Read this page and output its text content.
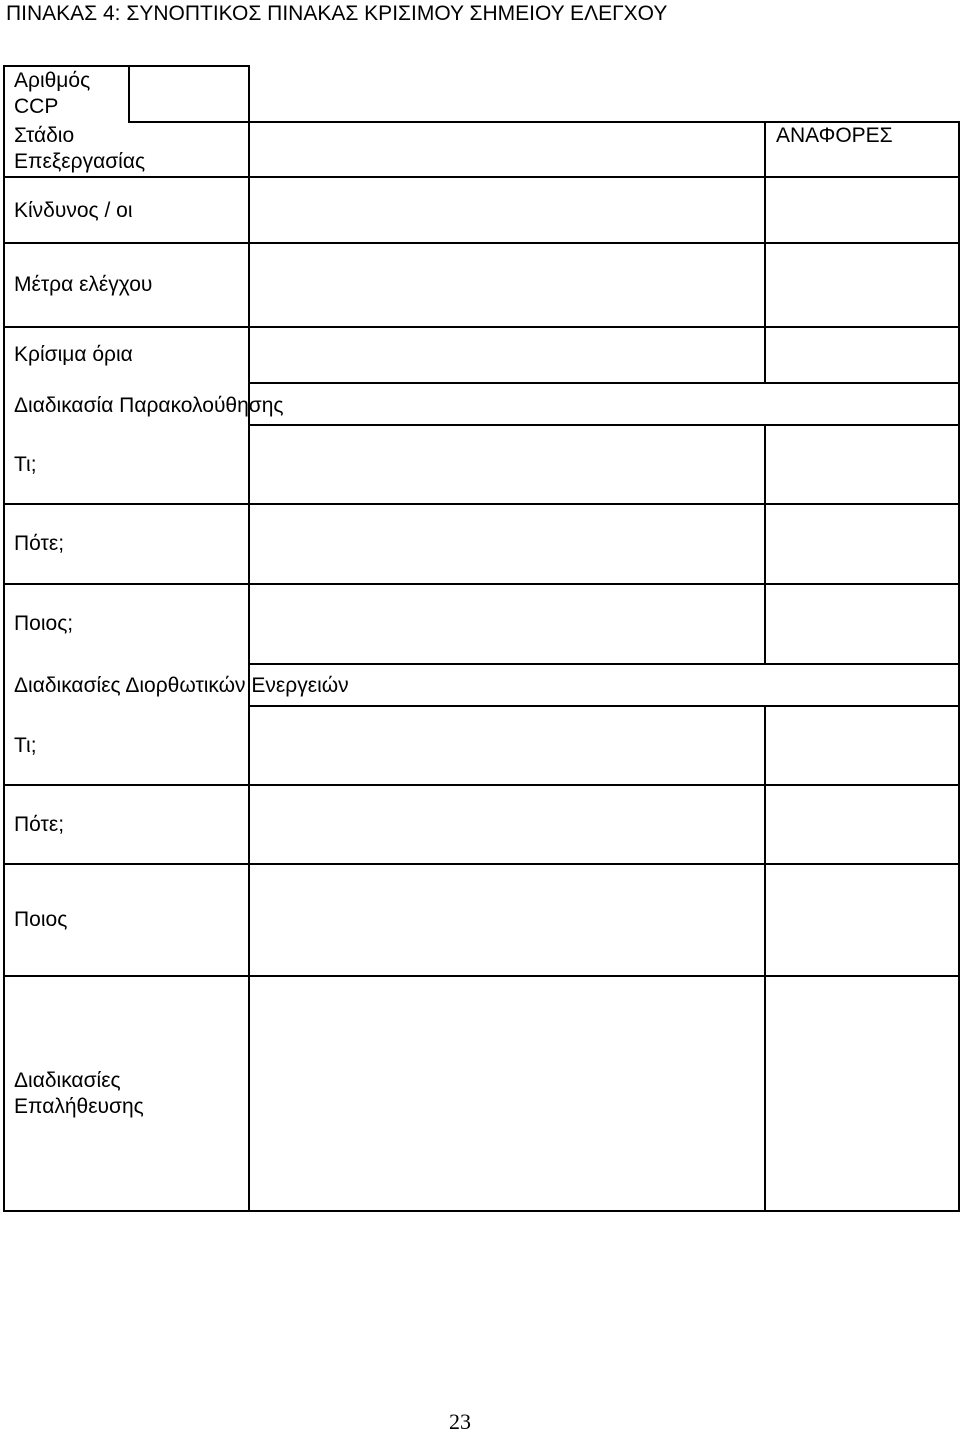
ΠΙΝΑΚΑΣ 4: ΣΥΝΟΠΤΙΚΟΣ ΠΙΝΑΚΑΣ ΚΡΙΣΙΜΟΥ ΣΗΜΕΙΟΥ ΕΛΕΓΧΟΥ
Αριθμός CCP
Στάδιο Επεξεργασίας
ΑΝΑΦΟΡΕΣ
Κίνδυνος / οι
Μέτρα ελέγχου
Κρίσιμα όρια
Διαδικασία Παρακολούθησης
Τι;
Πότε;
Ποιος;
Διαδικασίες Διορθωτικών Ενεργειών
Τι;
Πότε;
Ποιος
Διαδικασίες
Επαλήθευσης
23
